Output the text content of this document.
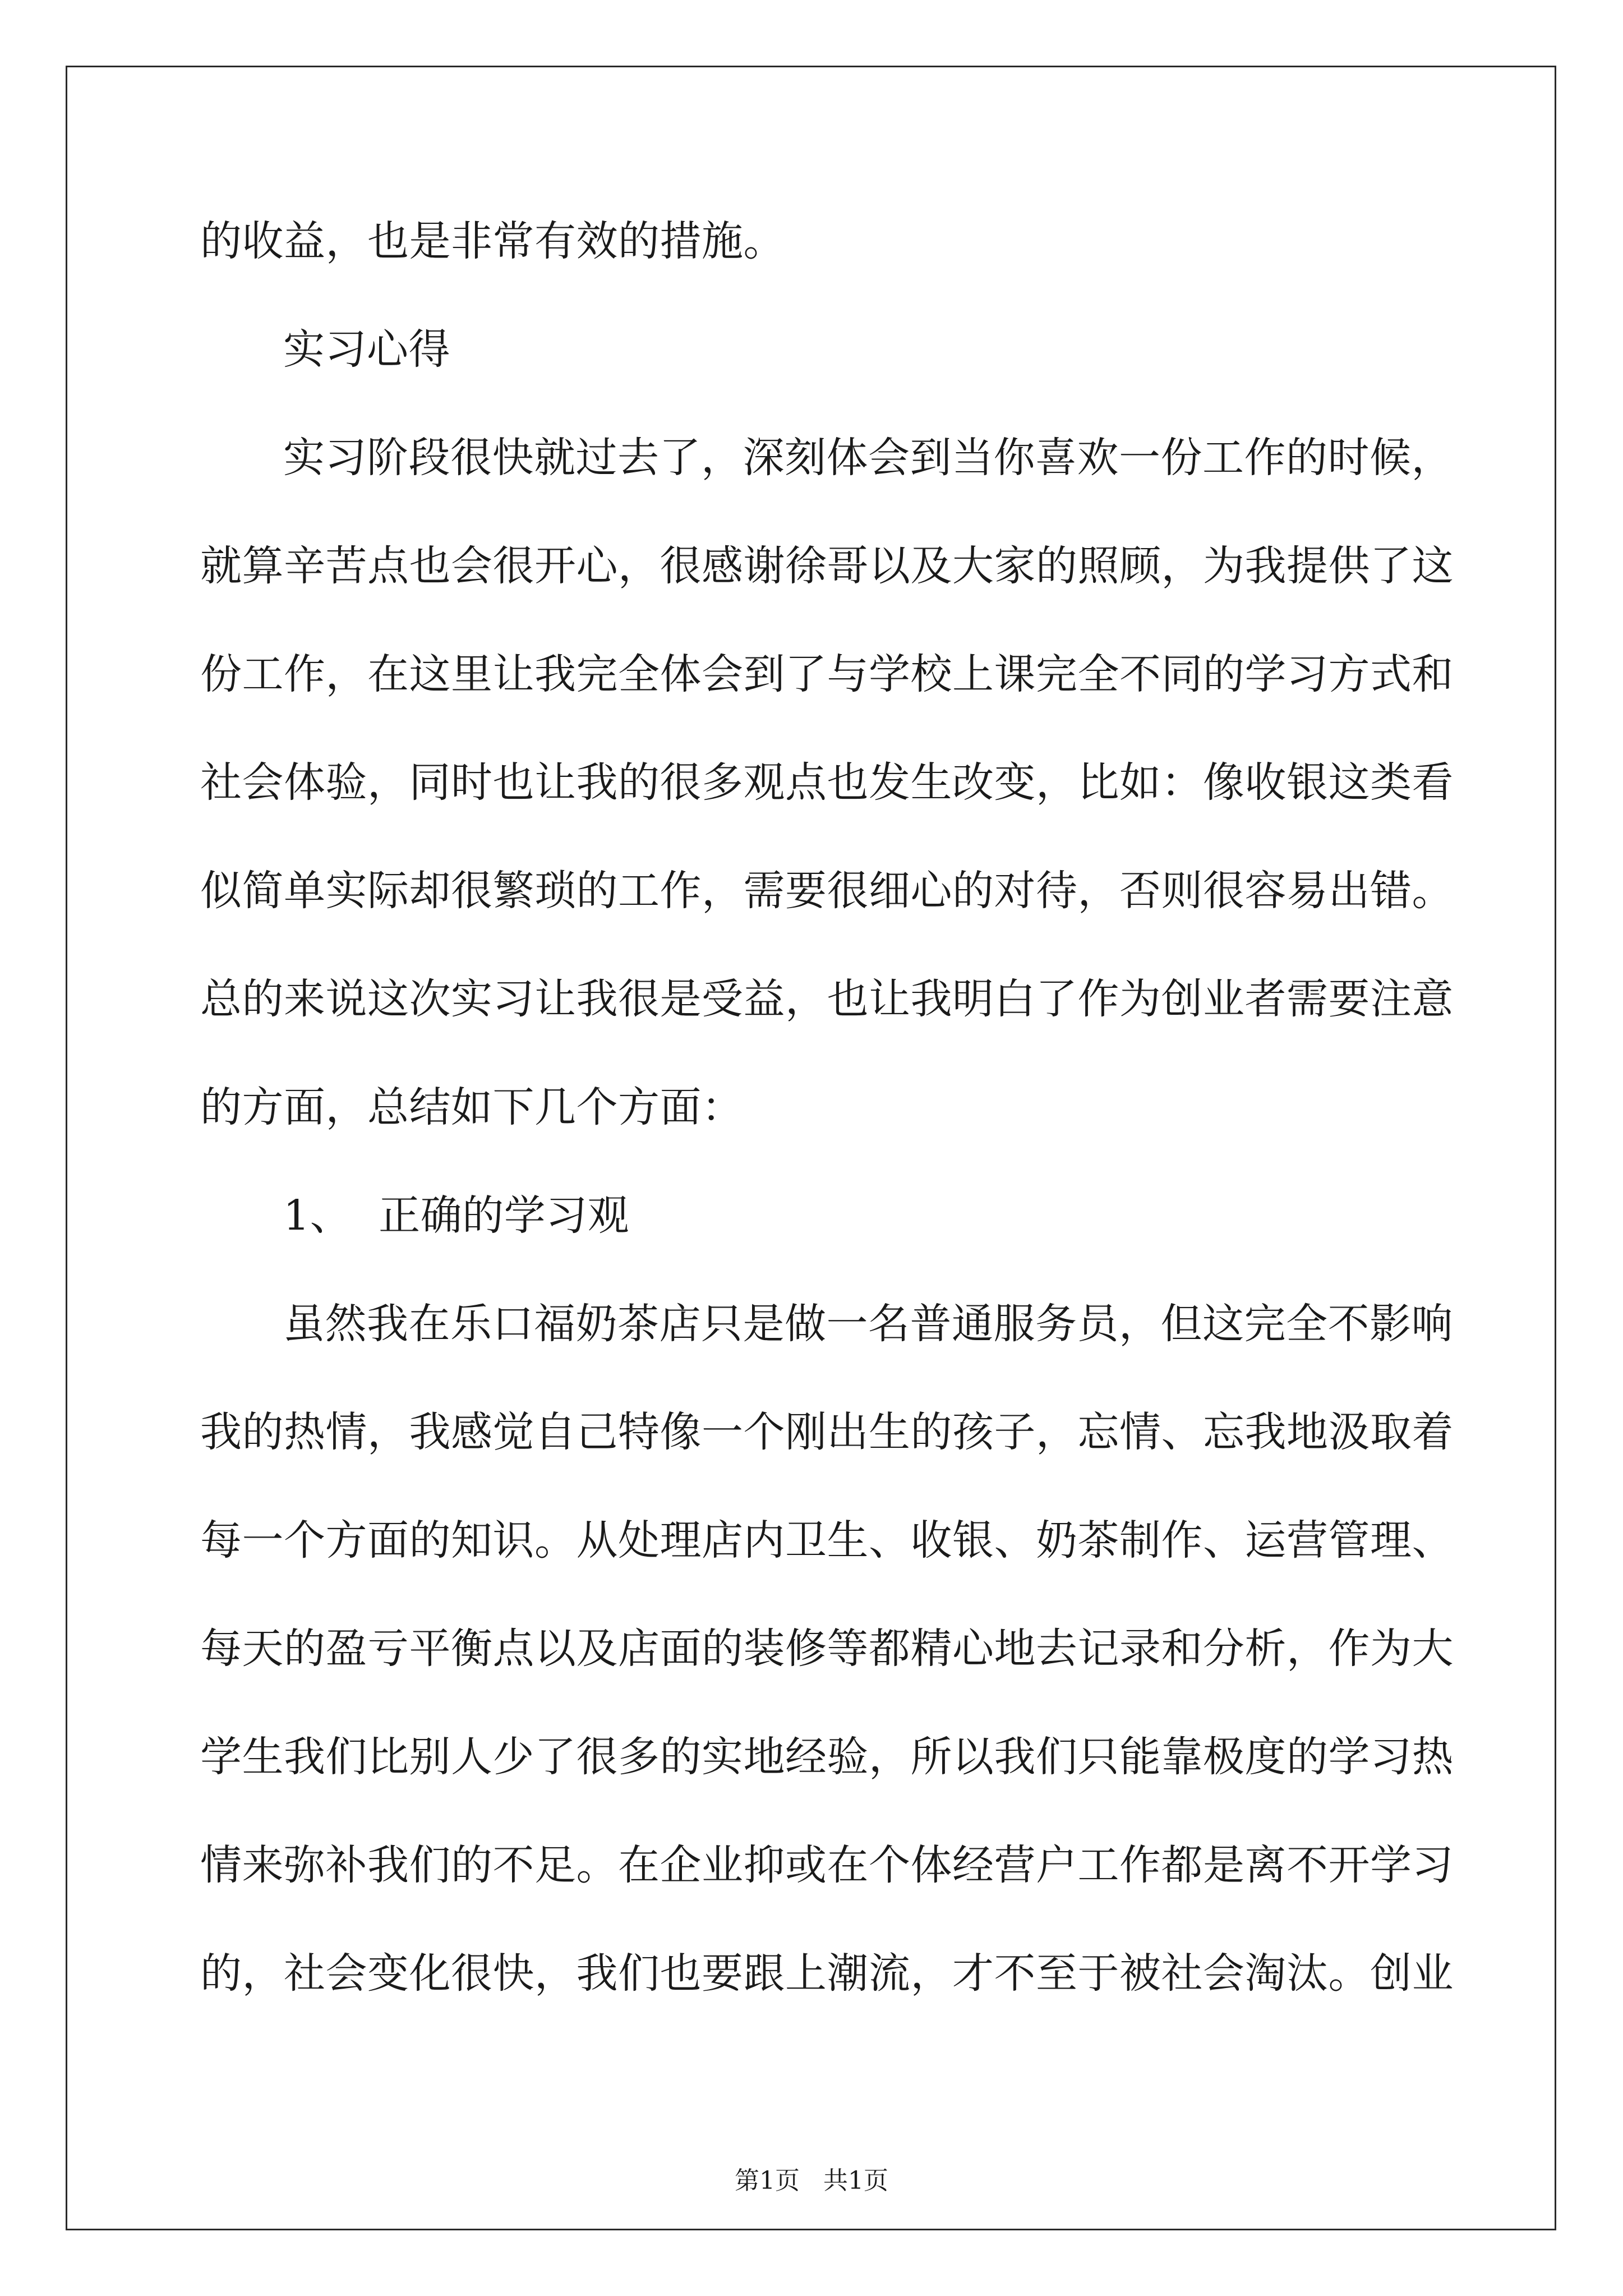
的收益，也是非常有效的措施。
实习心得
实习阶段很快就过去了，深刻体会到当你喜欢一份工作的时候，
就算辛苦点也会很开心，很感谢徐哥以及大家的照顾，为我提供了这
份工作，在这里让我完全体会到了与学校上课完全不同的学习方式和
社会体验，同时也让我的很多观点也发生改变，比如：像收银这类看
似简单实际却很繁琐的工作，需要很细心的对待，否则很容易出错。
总的来说这次实习让我很是受益，也让我明白了作为创业者需要注意
的方面，总结如下几个方面：
1、  正确的学习观
虽然我在乐口福奶茶店只是做一名普通服务员，但这完全不影响
我的热情，我感觉自己特像一个刚出生的孩子，忘情、忘我地汲取着
每一个方面的知识。从处理店内卫生、收银、奶茶制作、运营管理、
每天的盈亏平衡点以及店面的装修等都精心地去记录和分析，作为大
学生我们比别人少了很多的实地经验，所以我们只能靠极度的学习热
情来弥补我们的不足。在企业抑或在个体经营户工作都是离不开学习
的，社会变化很快，我们也要跟上潮流，才不至于被社会淘汰。创业
第1页   共1页
